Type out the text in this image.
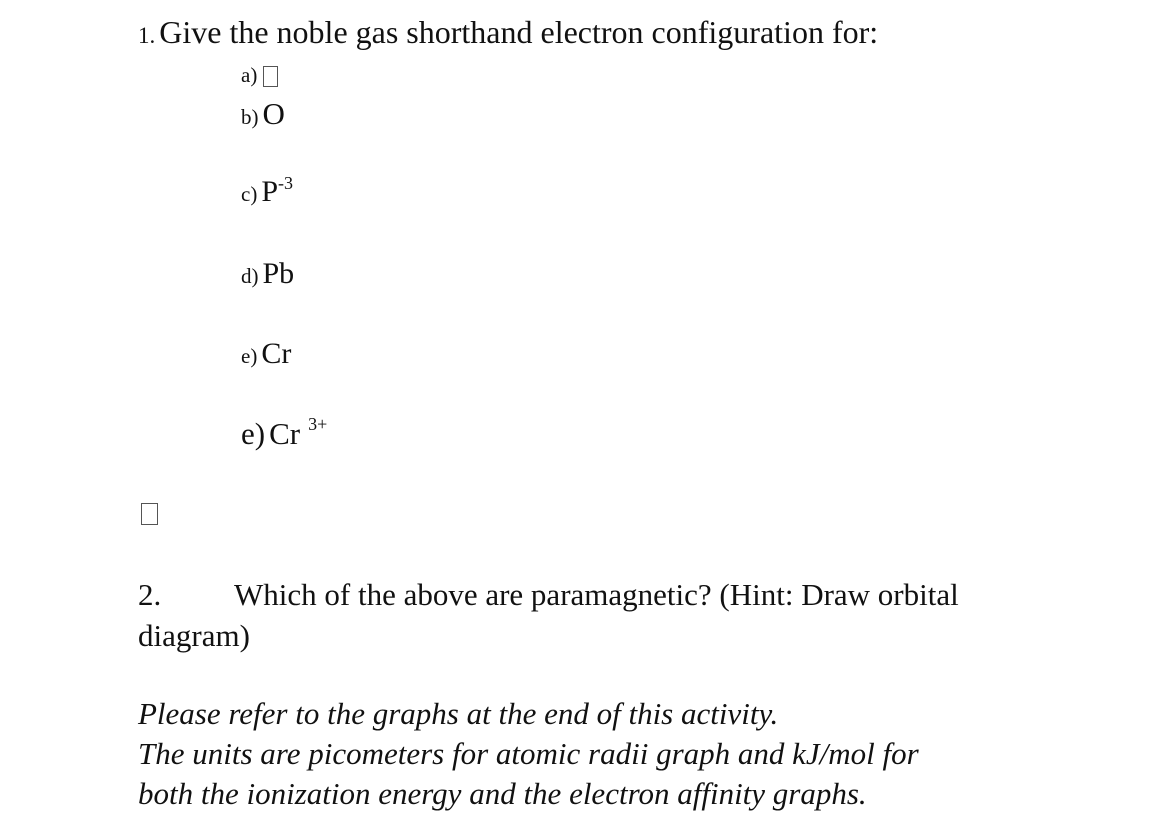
1. Give the noble gas shorthand electron configuration for:
a)
b) O
c) P-3
d) Pb
e) Cr
e) Cr 3+
2. Which of the above are paramagnetic? (Hint: Draw orbital diagram)
Please refer to the graphs at the end of this activity.
The units are picometers for atomic radii graph and kJ/mol for
both the ionization energy and the electron affinity graphs.
